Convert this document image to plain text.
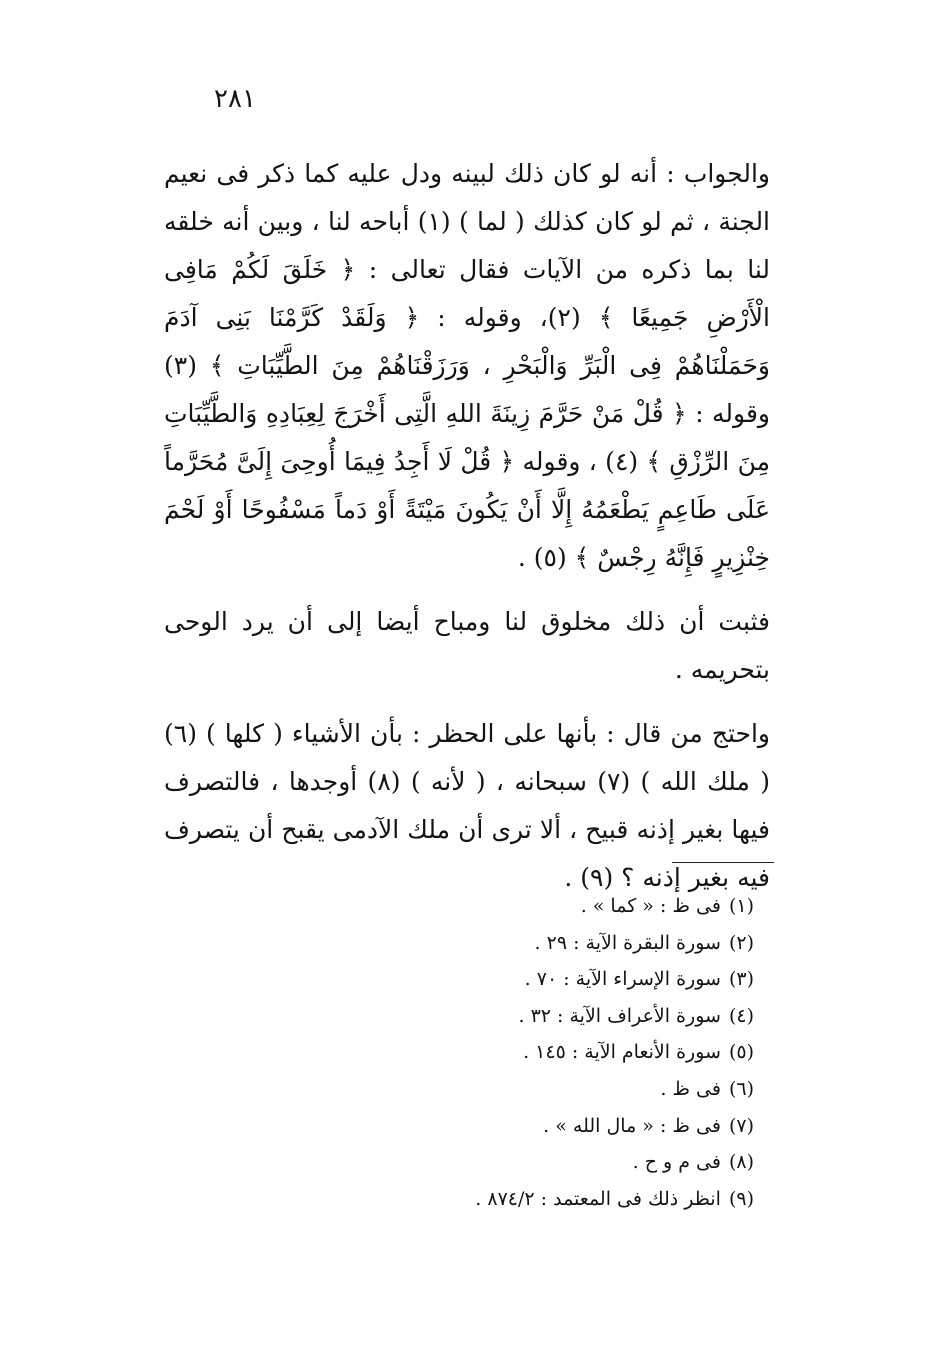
٢٨١

والجواب : أنه لو كان ذلك لبينه ودل عليه كما ذكر فى نعيم الجنة ، ثم لو كان كذلك ( لما ) (١) أباحه لنا ، وبين أنه خلقه لنا بما ذكره من الآيات فقال تعالى : ﴿ خَلَقَ لَكُمْ مَافِى الْأَرْضِ جَمِيعًا ﴾ (٢)، وقوله : ﴿ وَلَقَدْ كَرَّمْنَا بَنِى آدَمَ وَحَمَلْنَاهُمْ فِى الْبَرِّ وَالْبَحْرِ ، وَرَزَقْنَاهُمْ مِنَ الطَّيِّبَاتِ ﴾ (٣) وقوله : ﴿ قُلْ مَنْ حَرَّمَ زِينَةَ اللهِ الَّتِى أَخْرَجَ لِعِبَادِهِ وَالطَّيِّبَاتِ مِنَ الرِّزْقِ ﴾ (٤) ، وقوله ﴿ قُلْ لَا أَجِدُ فِيمَا أُوحِىَ إِلَىَّ مُحَرَّماً عَلَى طَاعِمٍ يَطْعَمُهُ إِلَّا أَنْ يَكُونَ مَيْتَةً أَوْ دَماً مَسْفُوحًا أَوْ لَحْمَ خِنْزِيرٍ فَإِنَّهُ رِجْسٌ ﴾ (٥) .

فثبت أن ذلك مخلوق لنا ومباح أيضا إلى أن يرد الوحى بتحريمه .

واحتج من قال : بأنها على الحظر : بأن الأشياء ( كلها ) (٦) ( ملك الله ) (٧) سبحانه ، ( لأنه ) (٨) أوجدها ، فالتصرف فيها بغير إذنه قبيح ، ألا ترى أن ملك الآدمى يقبح أن يتصرف فيه بغير إذنه ؟ (٩) .

(١)فى ظ : « كما » .
(٢)سورة البقرة الآية : ٢٩ .
(٣)سورة الإسراء الآية : ٧٠ .
(٤)سورة الأعراف الآية : ٣٢ .
(٥)سورة الأنعام الآية : ١٤٥ .
(٦)فى ظ .
(٧)فى ظ : « مال الله » .
(٨)فى م و ح .
(٩)انظر ذلك فى المعتمد : ٨٧٤/٢ .
